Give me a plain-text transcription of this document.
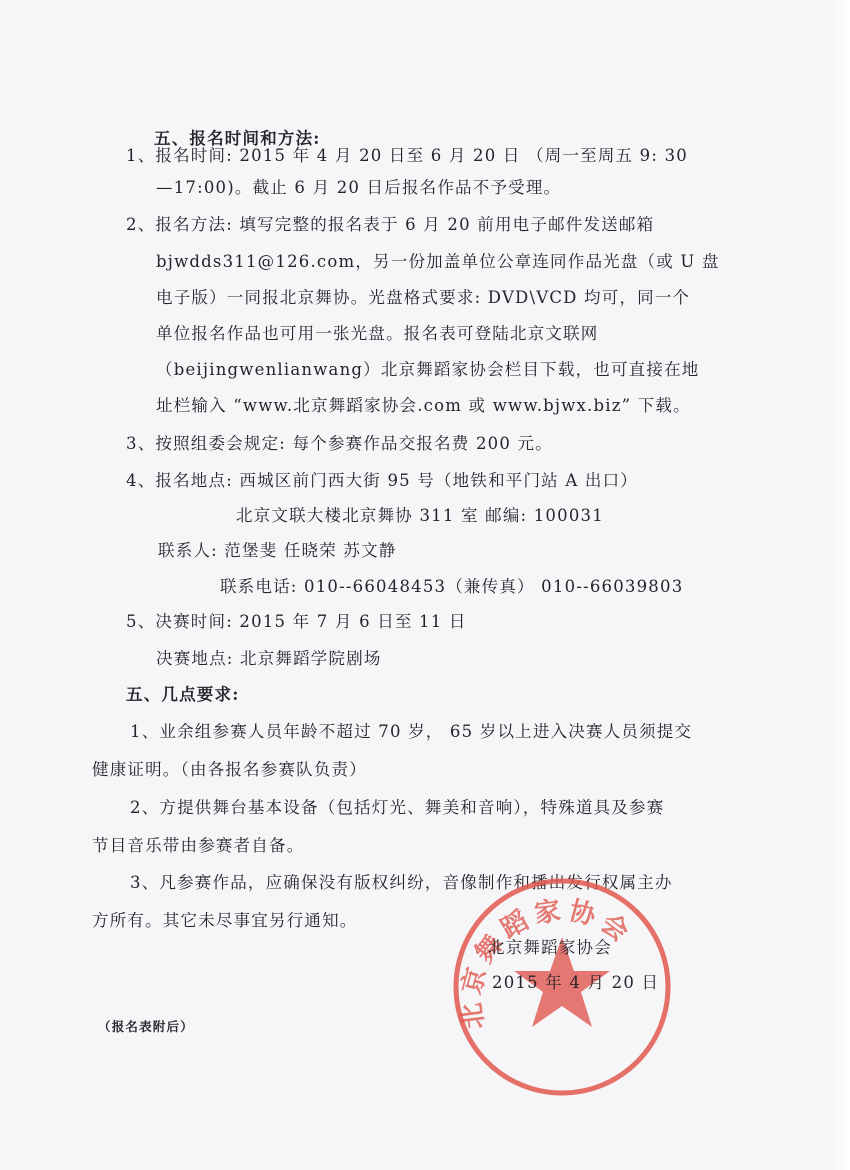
五、报名时间和方法:
1、报名时间: 2015 年 4 月 20 日至 6 月 20 日 （周一至周五 9: 30
—17:00)。截止 6 月 20 日后报名作品不予受理。
2、报名方法: 填写完整的报名表于 6 月 20 前用电子邮件发送邮箱
bjwdds311@126.com，另一份加盖单位公章连同作品光盘（或 U 盘
电子版）一同报北京舞协。光盘格式要求: DVD\VCD 均可，同一个
单位报名作品也可用一张光盘。报名表可登陆北京文联网
（beijingwenlianwang）北京舞蹈家协会栏目下载，也可直接在地
址栏输入 “www.北京舞蹈家协会.com 或 www.bjwx.biz” 下载。
3、按照组委会规定: 每个参赛作品交报名费 200 元。
4、报名地点: 西城区前门西大街 95 号（地铁和平门站 A 出口）
北京文联大楼北京舞协 311 室 邮编: 100031
联系人: 范堡斐 任晓荣 苏文静
联系电话: 010--66048453（兼传真） 010--66039803
5、决赛时间: 2015 年 7 月 6 日至 11 日
决赛地点: 北京舞蹈学院剧场
五、几点要求:
1、业余组参赛人员年龄不超过 70 岁， 65 岁以上进入决赛人员须提交
健康证明。（由各报名参赛队负责）
2、方提供舞台基本设备（包括灯光、舞美和音响），特殊道具及参赛
节目音乐带由参赛者自备。
3、凡参赛作品，应确保没有版权纠纷，音像制作和播出发行权属主办
方所有。其它未尽事宜另行通知。
北京舞蹈家协会
北京舞蹈家协会
2015 年 4 月 20 日
（报名表附后）
